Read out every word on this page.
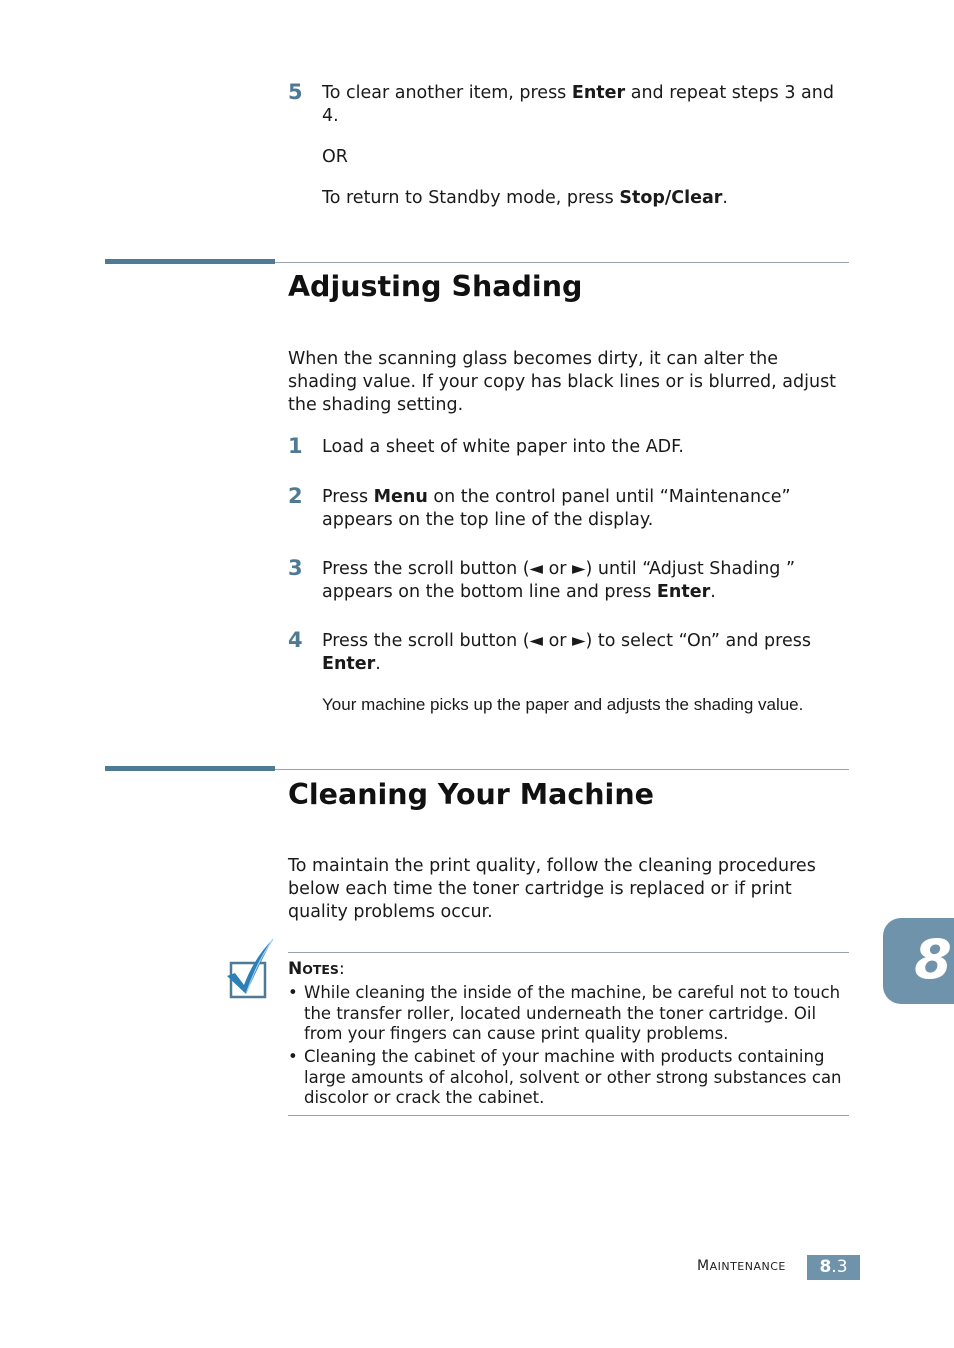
5 To clear another item, press Enter and repeat steps 3 and 4.
OR
To return to Standby mode, press Stop/Clear.
Adjusting Shading
When the scanning glass becomes dirty, it can alter the shading value. If your copy has black lines or is blurred, adjust the shading setting.
1 Load a sheet of white paper into the ADF.
2 Press Menu on the control panel until “Maintenance” appears on the top line of the display.
3 Press the scroll button (◄ or ►) until “Adjust Shading ” appears on the bottom line and press Enter.
4 Press the scroll button (◄ or ►) to select “On” and press Enter.
Your machine picks up the paper and adjusts the shading value.
Cleaning Your Machine
To maintain the print quality, follow the cleaning procedures below each time the toner cartridge is replaced or if print quality problems occur.
NOTES:
• While cleaning the inside of the machine, be careful not to touch the transfer roller, located underneath the toner cartridge. Oil from your fingers can cause print quality problems.
• Cleaning the cabinet of your machine with products containing large amounts of alcohol, solvent or other strong substances can discolor or crack the cabinet.
8
MAINTENANCE	8.3
